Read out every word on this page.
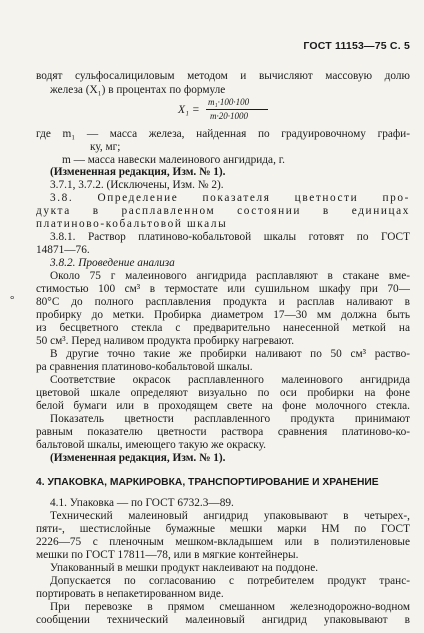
ГОСТ 11153—75 С. 5
водят сульфосалициловым методом и вычисляют массовую долю
железа (X₁) в процентах по формуле
X₁ =
m₁·100·100
m·20·1000
где m₁ — масса железа, найденная по градуировочному графи-
ку, мг;
m — масса навески малеинового ангидрида, г.
(Измененная редакция, Изм. № 1).
3.7.1, 3.7.2. (Исключены, Изм. № 2).
3.8. Определение показателя цветности про-
дукта в расплавленном состоянии в единицах
платиново-кобальтовой шкалы
3.8.1. Раствор платиново-кобальтовой шкалы готовят по ГОСТ
14871—76.
3.8.2. Проведение анализа
Около 75 г малеинового ангидрида расплавляют в стакане вме-
стимостью 100 см³ в термостате или сушильном шкафу при 70—
80°С до полного расплавления продукта и расплав наливают в
пробирку до метки. Пробирка диаметром 17—30 мм должна быть
из бесцветного стекла с предварительно нанесенной меткой на
50 см³. Перед наливом продукта пробирку нагревают.
В другие точно такие же пробирки наливают по 50 см³ раство-
ра сравнения платиново-кобальтовой шкалы.
Соответствие окрасок расплавленного малеинового ангидрида
цветовой шкале определяют визуально по оси пробирки на фоне
белой бумаги или в проходящем свете на фоне молочного стекла.
Показатель цветности расплавленного продукта принимают
равным показателю цветности раствора сравнения платиново-ко-
бальтовой шкалы, имеющего такую же окраску.
(Измененная редакция, Изм. № 1).
4. УПАКОВКА, МАРКИРОВКА, ТРАНСПОРТИРОВАНИЕ И ХРАНЕНИЕ
4.1. Упаковка — по ГОСТ 6732.3—89.
Технический малеиновый ангидрид упаковывают в четырех-,
пяти-, шестислойные бумажные мешки марки НМ по ГОСТ
2226—75 с пленочным мешком-вкладышем или в полиэтиленовые
мешки по ГОСТ 17811—78, или в мягкие контейнеры.
Упакованный в мешки продукт наклеивают на поддоне.
Допускается по согласованию с потребителем продукт транс-
портировать в непакетированном виде.
При перевозке в прямом смешанном железнодорожно-водном
сообщении технический малеиновый ангидрид упаковывают в
°
